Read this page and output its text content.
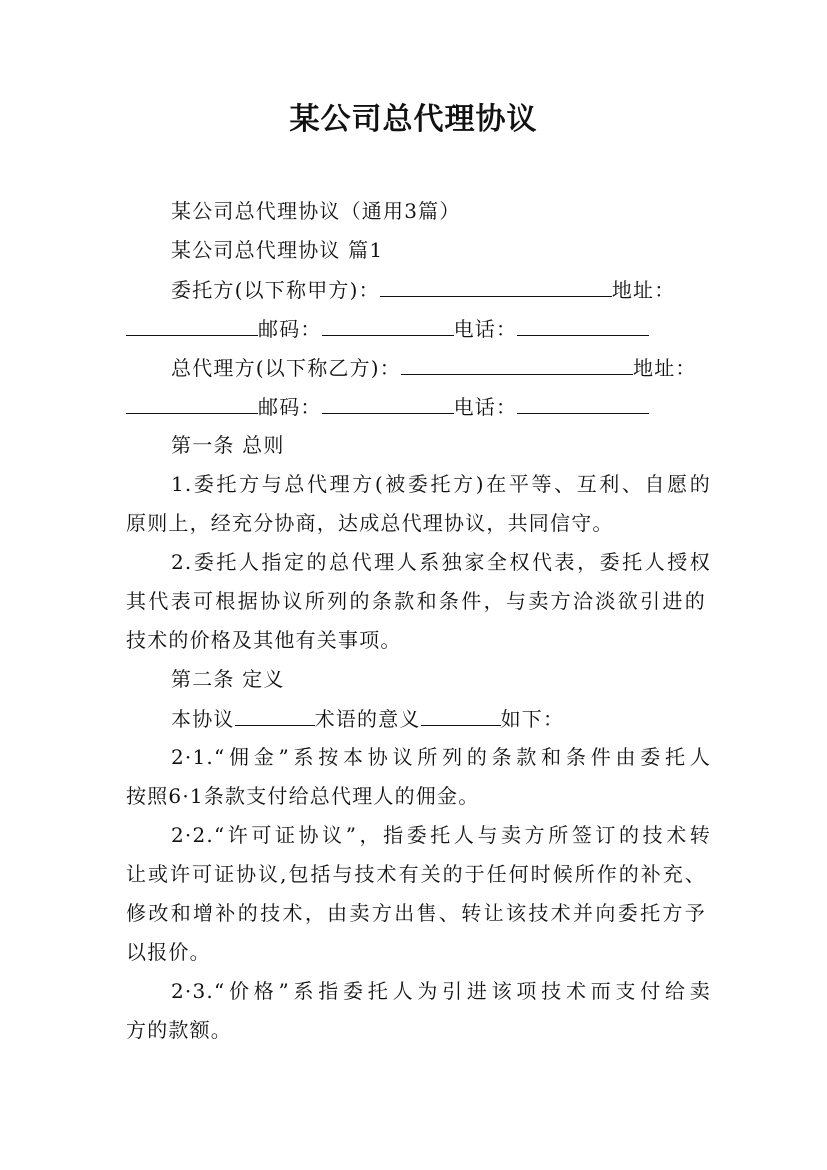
某公司总代理协议
某公司总代理协议（通用3篇）
某公司总代理协议 篇1
委托方(以下称甲方)：	地址：
邮码：	电话：
总代理方(以下称乙方)：	地址：
邮码：	电话：
第一条 总则
1.委托方与总代理方(被委托方)在平等、互利、自愿的
原则上，经充分协商，达成总代理协议，共同信守。
2.委托人指定的总代理人系独家全权代表，委托人授权
其代表可根据协议所列的条款和条件，与卖方洽淡欲引进的
技术的价格及其他有关事项。
第二条 定义
本协议	术语的意义	如下：
2·1.“佣金”系按本协议所列的条款和条件由委托人
按照6·1条款支付给总代理人的佣金。
2·2.“许可证协议”，指委托人与卖方所签订的技术转
让或许可证协议,包括与技术有关的于任何时候所作的补充、
修改和增补的技术，由卖方出售、转让该技术并向委托方予
以报价。
2·3.“价格”系指委托人为引进该项技术而支付给卖
方的款额。
